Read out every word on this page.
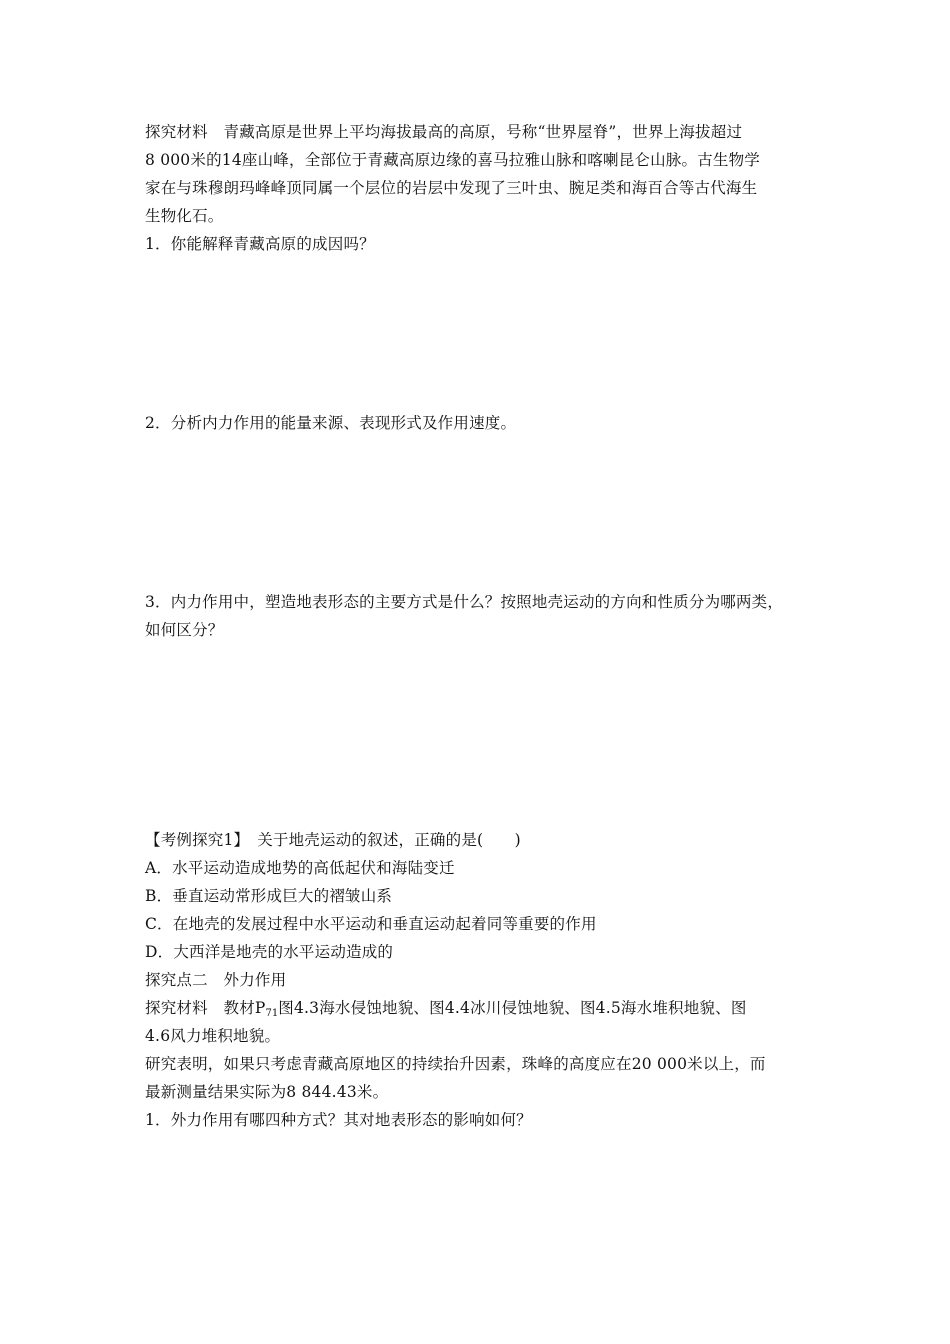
探究材料　青藏高原是世界上平均海拔最高的高原，号称“世界屋脊”，世界上海拔超过
8 000米的14座山峰，全部位于青藏高原边缘的喜马拉雅山脉和喀喇昆仑山脉。古生物学
家在与珠穆朗玛峰峰顶同属一个层位的岩层中发现了三叶虫、腕足类和海百合等古代海生
生物化石。
1．你能解释青藏高原的成因吗？
2．分析内力作用的能量来源、表现形式及作用速度。
3．内力作用中，塑造地表形态的主要方式是什么？按照地壳运动的方向和性质分为哪两类，
如何区分？
【考例探究1】　关于地壳运动的叙述，正确的是(　　)
A．水平运动造成地势的高低起伏和海陆变迁
B．垂直运动常形成巨大的褶皱山系
C．在地壳的发展过程中水平运动和垂直运动起着同等重要的作用
D．大西洋是地壳的水平运动造成的
探究点二　外力作用
探究材料　教材$P_{71}$图4.3海水侵蚀地貌、图4.4冰川侵蚀地貌、图4.5海水堆积地貌、图
4.6风力堆积地貌。
研究表明，如果只考虑青藏高原地区的持续抬升因素，珠峰的高度应在20 000米以上，而
最新测量结果实际为8 844.43米。
1．外力作用有哪四种方式？其对地表形态的影响如何？
